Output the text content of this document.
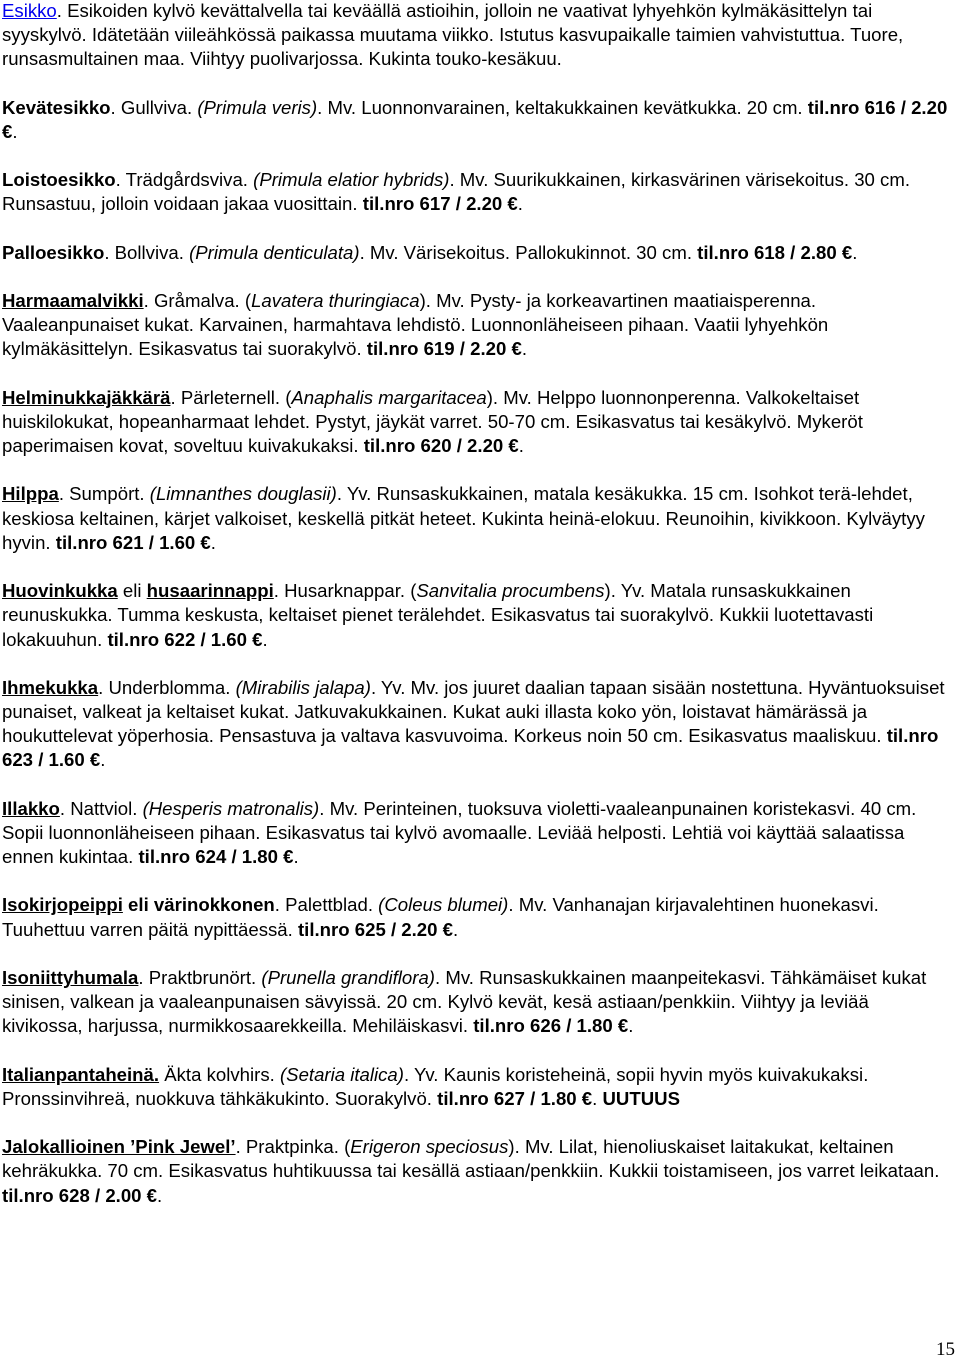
Esikko. Esikoiden kylvö kevättalvella tai keväällä astioihin, jolloin ne vaativat lyhyehkön kylmäkäsittelyn tai syyskylvö. Idätetään viileähkössä paikassa muutama viikko. Istutus kasvupaikalle taimien vahvistuttua. Tuore, runsasmultainen maa. Viihtyy puolivarjossa. Kukinta touko-kesäkuu.
Kevätesikko. Gullviva. (Primula veris). Mv. Luonnonvarainen, keltakukkainen kevätkukka. 20 cm. til.nro 616 / 2.20 €.
Loistoesikko. Trädgårdsviva. (Primula elatior hybrids). Mv. Suurikukkainen, kirkasvärinen värisekoitus. 30 cm. Runsastuu, jolloin voidaan jakaa vuosittain. til.nro 617 / 2.20 €.
Palloesikko. Bollviva. (Primula denticulata). Mv. Värisekoitus. Pallokukinnot. 30 cm. til.nro 618 / 2.80 €.
Harmaamalvikki. Gråmalva. (Lavatera thuringiaca). Mv. Pysty- ja korkeavartinen maatiaisperenna. Vaaleanpunaiset kukat. Karvainen, harmahtava lehdistö. Luonnonläheiseen pihaan. Vaatii lyhyehkön kylmäkäsittelyn. Esikasvatus tai suorakylvö. til.nro 619 / 2.20 €.
Helminukkajäkkärä. Pärleternell. (Anaphalis margaritacea). Mv. Helppo luonnonperenna. Valkokeltaiset huiskilokukat, hopeanharmaat lehdet. Pystyt, jäykät varret. 50-70 cm. Esikasvatus tai kesäkylvö. Mykeröt paperimaisen kovat, soveltuu kuivakukaksi. til.nro 620 / 2.20 €.
Hilppa. Sumpört. (Limnanthes douglasii). Yv. Runsaskukkainen, matala kesäkukka. 15 cm. Isohkot terä-lehdet, keskiosa keltainen, kärjet valkoiset, keskellä pitkät heteet. Kukinta heinä-elokuu. Reunoihin, kivikkoon. Kylväytyy hyvin. til.nro 621 / 1.60 €.
Huovinkukka eli husaarinnappi. Husarknappar. (Sanvitalia procumbens). Yv. Matala runsaskukkainen reunuskukka. Tumma keskusta, keltaiset pienet terälehdet. Esikasvatus tai suorakylvö. Kukkii luotettavasti lokakuuhun. til.nro 622 / 1.60 €.
Ihmekukka. Underblomma. (Mirabilis jalapa). Yv. Mv. jos juuret daalian tapaan sisään nostettuna. Hyväntuoksuiset punaiset, valkeat ja keltaiset kukat. Jatkuvakukkainen. Kukat auki illasta koko yön, loistavat hämärässä ja houkuttelevat yöperhosia. Pensastuva ja valtava kasvuvoima. Korkeus noin 50 cm. Esikasvatus maaliskuu. til.nro 623 / 1.60 €.
Illakko. Nattviol. (Hesperis matronalis). Mv. Perinteinen, tuoksuva violetti-vaaleanpunainen koristekasvi. 40 cm. Sopii luonnonläheiseen pihaan. Esikasvatus tai kylvö avomaalle. Leviää helposti. Lehtiä voi käyttää salaatissa ennen kukintaa. til.nro 624 / 1.80 €.
Isokirjopeippi eli värinokkonen. Palettblad. (Coleus blumei). Mv. Vanhanajan kirjavalehtinen huonekasvi. Tuuhettuu varren päitä nypittäessä. til.nro 625 / 2.20 €.
Isoniittyhumala. Praktbrunört. (Prunella grandiflora). Mv. Runsaskukkainen maanpeitekasvi. Tähkämäiset kukat sinisen, valkean ja vaaleanpunaisen sävyissä. 20 cm. Kylvö kevät, kesä astiaan/penkkiin. Viihtyy ja leviää kivikossa, harjussa, nurmikkosaarekkeilla. Mehiläiskasvi. til.nro 626 / 1.80 €.
Italianpantaheinä. Äkta kolvhirs. (Setaria italica). Yv. Kaunis koristeheinä, sopii hyvin myös kuivakukaksi. Pronssinvihreä, nuokkuva tähkäkukinto. Suorakylvö. til.nro 627 / 1.80 €. UUTUUS
Jalokallioinen ’Pink Jewel’. Praktpinka. (Erigeron speciosus). Mv. Lilat, hienoliuskaiset laitakukat, keltainen kehräkukka. 70 cm. Esikasvatus huhtikuussa tai kesällä astiaan/penkkiin. Kukkii toistamiseen, jos varret leikataan. til.nro 628 / 2.00 €.
15
